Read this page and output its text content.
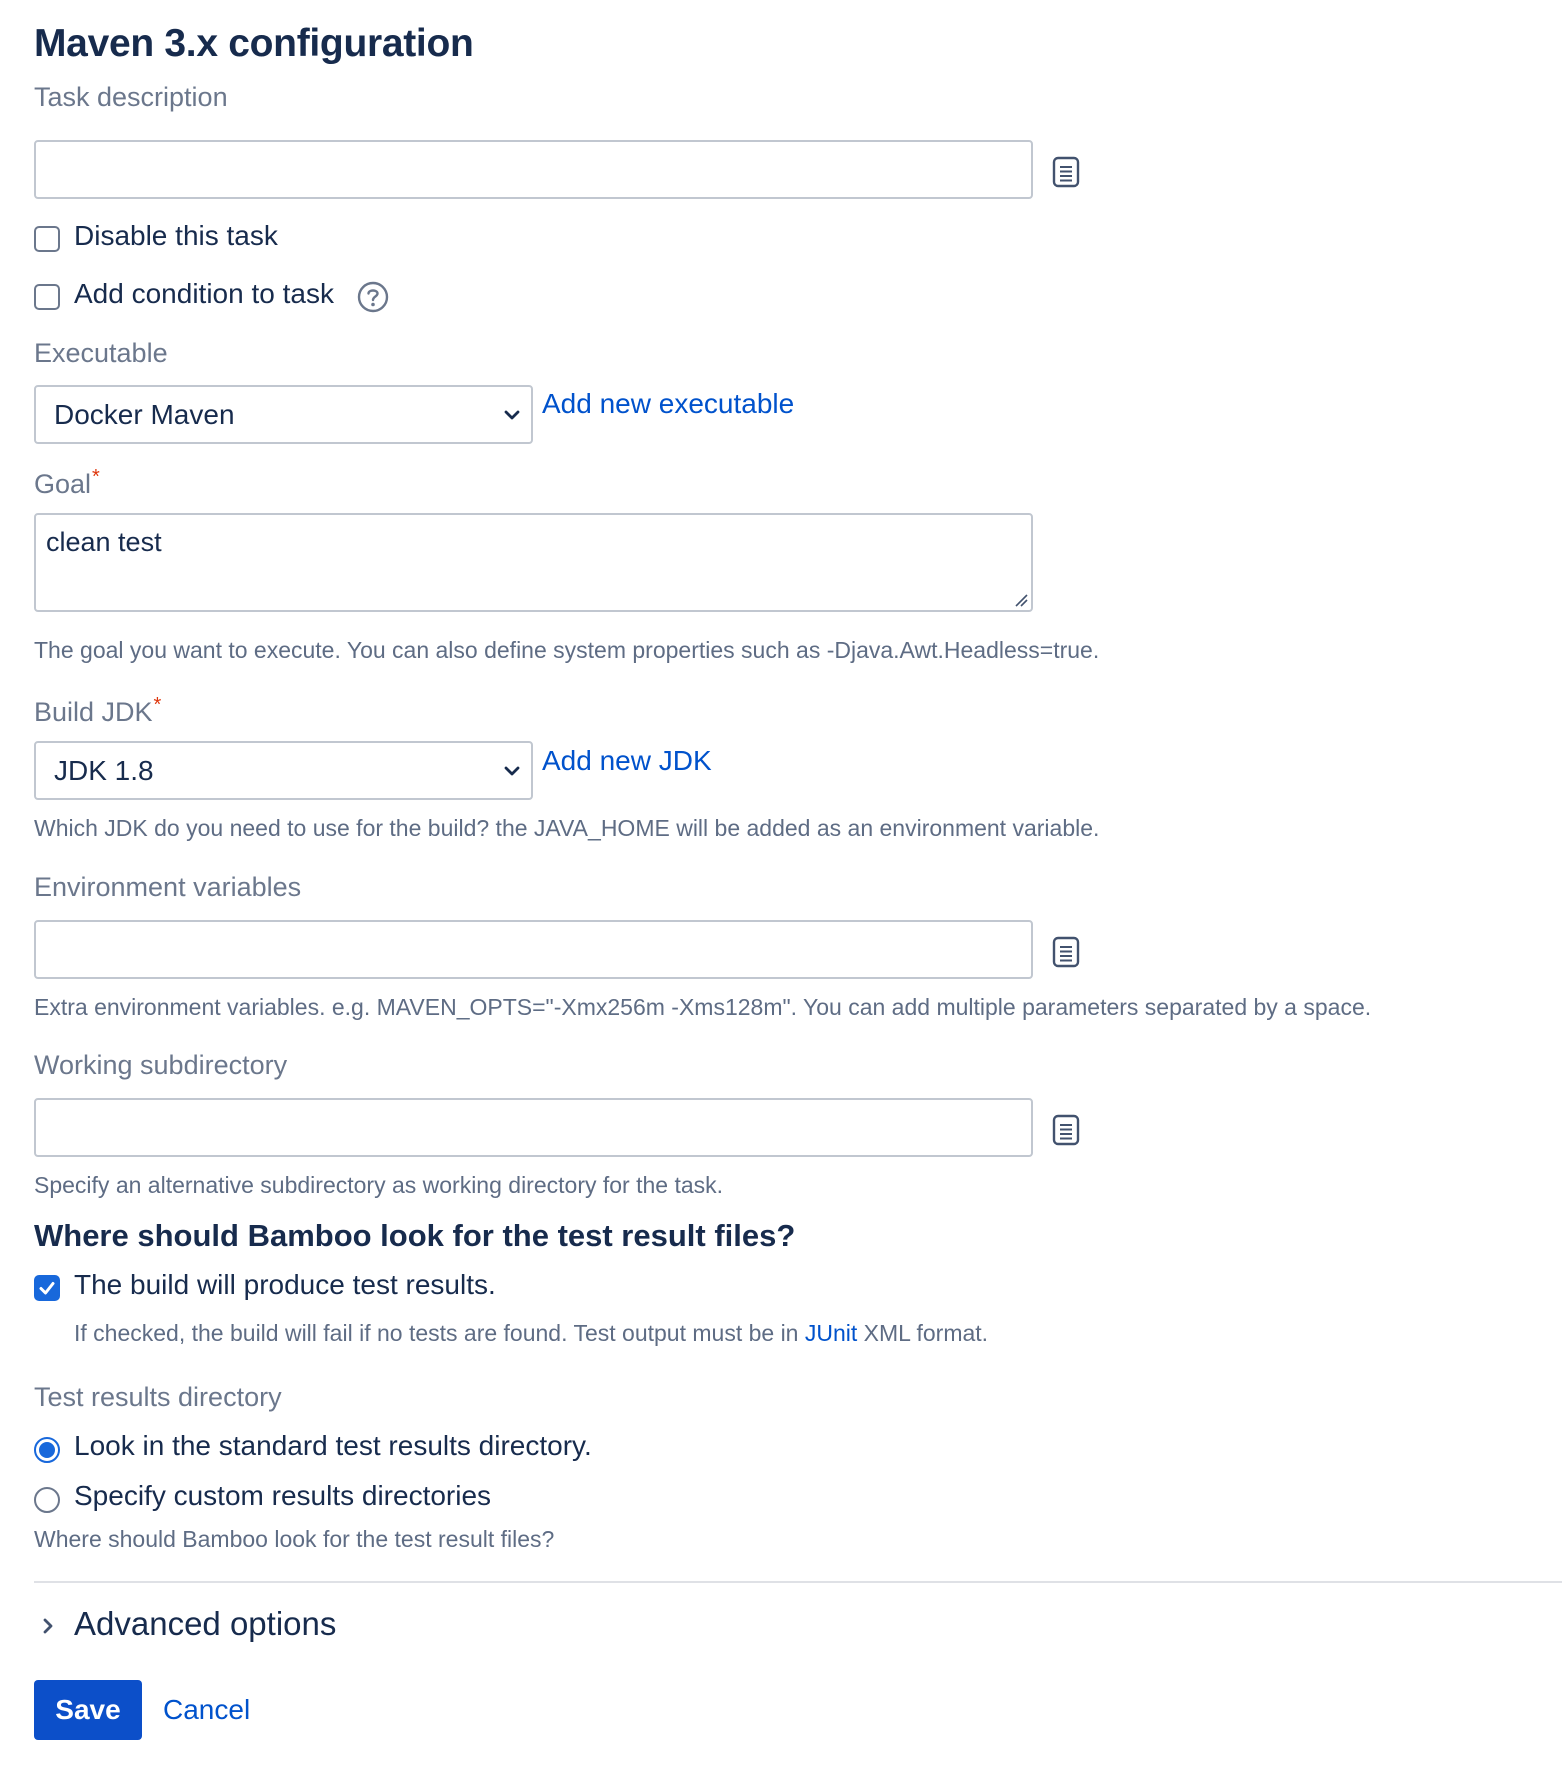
Maven 3.x configuration
Task description
Disable this task
Add condition to task
Executable
Docker Maven	Add new executable
Goal*
clean test
The goal you want to execute. You can also define system properties such as -Djava.Awt.Headless=true.
Build JDK*
JDK 1.8	Add new JDK
Which JDK do you need to use for the build? the JAVA_HOME will be added as an environment variable.
Environment variables
Extra environment variables. e.g. MAVEN_OPTS="-Xmx256m -Xms128m". You can add multiple parameters separated by a space.
Working subdirectory
Specify an alternative subdirectory as working directory for the task.
Where should Bamboo look for the test result files?
The build will produce test results.
If checked, the build will fail if no tests are found. Test output must be in JUnit XML format.
Test results directory
Look in the standard test results directory.
Specify custom results directories
Where should Bamboo look for the test result files?
Advanced options
Save	Cancel
